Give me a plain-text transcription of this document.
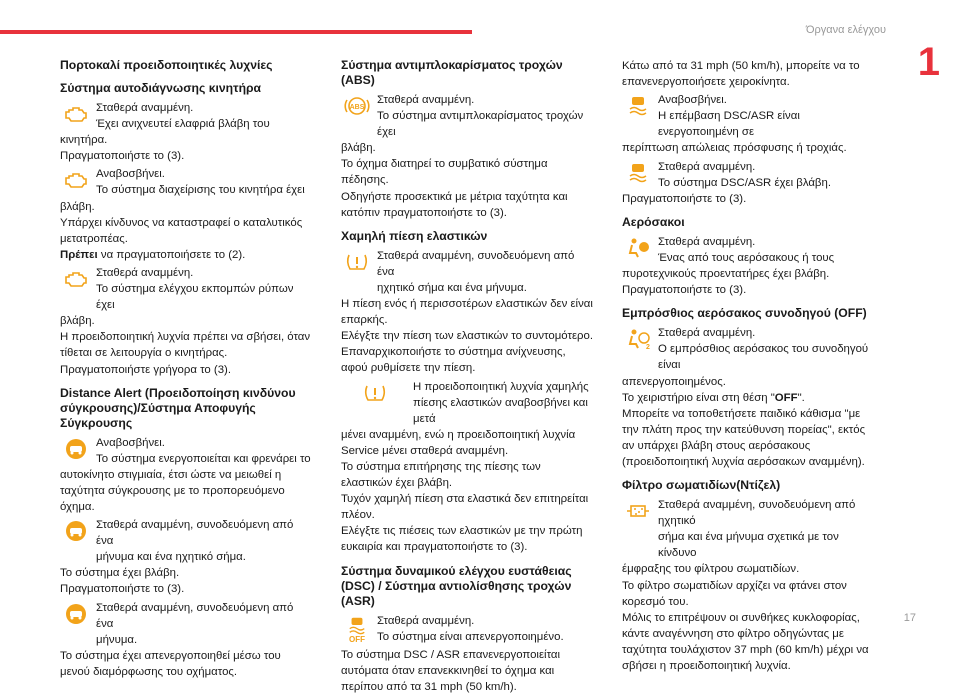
Όργανα ελέγχου
1
17
Πορτοκαλί προειδοποιητικές λυχνίες
Σύστημα αυτοδιάγνωσης κινητήρα
Σταθερά αναμμένη.
Έχει ανιχνευτεί ελαφριά βλάβη του
κινητήρα.
Πραγματοποιήστε το (3).
Αναβοσβήνει.
Το σύστημα διαχείρισης του κινητήρα έχει
βλάβη.
Υπάρχει κίνδυνος να καταστραφεί ο καταλυτικός μετατροπέας.
Πρέπει να πραγματοποιήσετε το (2).
Σταθερά αναμμένη.
Το σύστημα ελέγχου εκπομπών ρύπων έχει
βλάβη.
Η προειδοποιητική λυχνία πρέπει να σβήσει, όταν τίθεται σε λειτουργία ο κινητήρας.
Πραγματοποιήστε γρήγορα το (3).
Distance Alert (Προειδοποίηση κινδύνου σύγκρουσης)/Σύστημα Αποφυγής Σύγκρουσης
Αναβοσβήνει.
Το σύστημα ενεργοποιείται και φρενάρει το
αυτοκίνητο στιγμιαία, έτσι ώστε να μειωθεί η ταχύτητα σύγκρουσης με το προπορευόμενο όχημα.
Σταθερά αναμμένη, συνοδευόμενη από ένα
μήνυμα και ένα ηχητικό σήμα.
Το σύστημα έχει βλάβη.
Πραγματοποιήστε το (3).
Σταθερά αναμμένη, συνοδευόμενη από ένα
μήνυμα.
Το σύστημα έχει απενεργοποιηθεί μέσω του μενού διαμόρφωσης του οχήματος.
Σύστημα αντιμπλοκαρίσματος τροχών (ABS)
ABS
Σταθερά αναμμένη.
Το σύστημα αντιμπλοκαρίσματος τροχών έχει
βλάβη.
Το όχημα διατηρεί το συμβατικό σύστημα πέδησης.
Οδηγήστε προσεκτικά με μέτρια ταχύτητα και κατόπιν πραγματοποιήστε το (3).
Χαμηλή πίεση ελαστικών
Σταθερά αναμμένη, συνοδευόμενη από ένα
ηχητικό σήμα και ένα μήνυμα.
Η πίεση ενός ή περισσοτέρων ελαστικών δεν είναι επαρκής.
Ελέγξτε την πίεση των ελαστικών το συντομότερο.
Επαναρχικοποιήστε το σύστημα ανίχνευσης, αφού ρυθμίσετε την πίεση.
Η προειδοποιητική λυχνία χαμηλής
πίεσης ελαστικών αναβοσβήνει και μετά
μένει αναμμένη, ενώ η προειδοποιητική λυχνία Service μένει σταθερά αναμμένη.
Το σύστημα επιτήρησης της πίεσης των ελαστικών έχει βλάβη.
Τυχόν χαμηλή πίεση στα ελαστικά δεν επιτηρείται πλέον.
Ελέγξτε τις πιέσεις των ελαστικών με την πρώτη ευκαιρία και πραγματοποιήστε το (3).
Σύστημα δυναμικού ελέγχου ευστάθειας (DSC) / Σύστημα αντιολίσθησης τροχών (ASR)
OFF
Σταθερά αναμμένη.
Το σύστημα είναι απενεργοποιημένο.
Το σύστημα DSC / ASR επανενεργοποιείται αυτόματα όταν επανεκκινηθεί το όχημα και περίπου από τα 31 mph (50 km/h).
Κάτω από τα 31 mph (50 km/h), μπορείτε να το επανενεργοποιήσετε χειροκίνητα.
Αναβοσβήνει.
Η επέμβαση DSC/ASR είναι ενεργοποιημένη σε
περίπτωση απώλειας πρόσφυσης ή τροχιάς.
Σταθερά αναμμένη.
Το σύστημα DSC/ASR έχει βλάβη.
Πραγματοποιήστε το (3).
Αερόσακοι
Σταθερά αναμμένη.
Ένας από τους αερόσακους ή τους
πυροτεχνικούς προεντατήρες έχει βλάβη.
Πραγματοποιήστε το (3).
Εμπρόσθιος αερόσακος συνοδηγού (OFF)
2
Σταθερά αναμμένη.
Ο εμπρόσθιος αερόσακος του συνοδηγού είναι
απενεργοποιημένος.
Το χειριστήριο είναι στη θέση "OFF".
Μπορείτε να τοποθετήσετε παιδικό κάθισμα "με την πλάτη προς την κατεύθυνση πορείας", εκτός αν υπάρχει βλάβη στους αερόσακους (προειδοποιητική λυχνία αερόσακων αναμμένη).
Φίλτρο σωματιδίων(Ντίζελ)
Σταθερά αναμμένη, συνοδευόμενη από ηχητικό
σήμα και ένα μήνυμα σχετικά με τον κίνδυνο
έμφραξης του φίλτρου σωματιδίων.
Το φίλτρο σωματιδίων αρχίζει να φτάνει στον κορεσμό του.
Μόλις το επιτρέψουν οι συνθήκες κυκλοφορίας, κάντε αναγέννηση στο φίλτρο οδηγώντας με ταχύτητα τουλάχιστον 37 mph (60 km/h) μέχρι να σβήσει η προειδοποιητική λυχνία.
